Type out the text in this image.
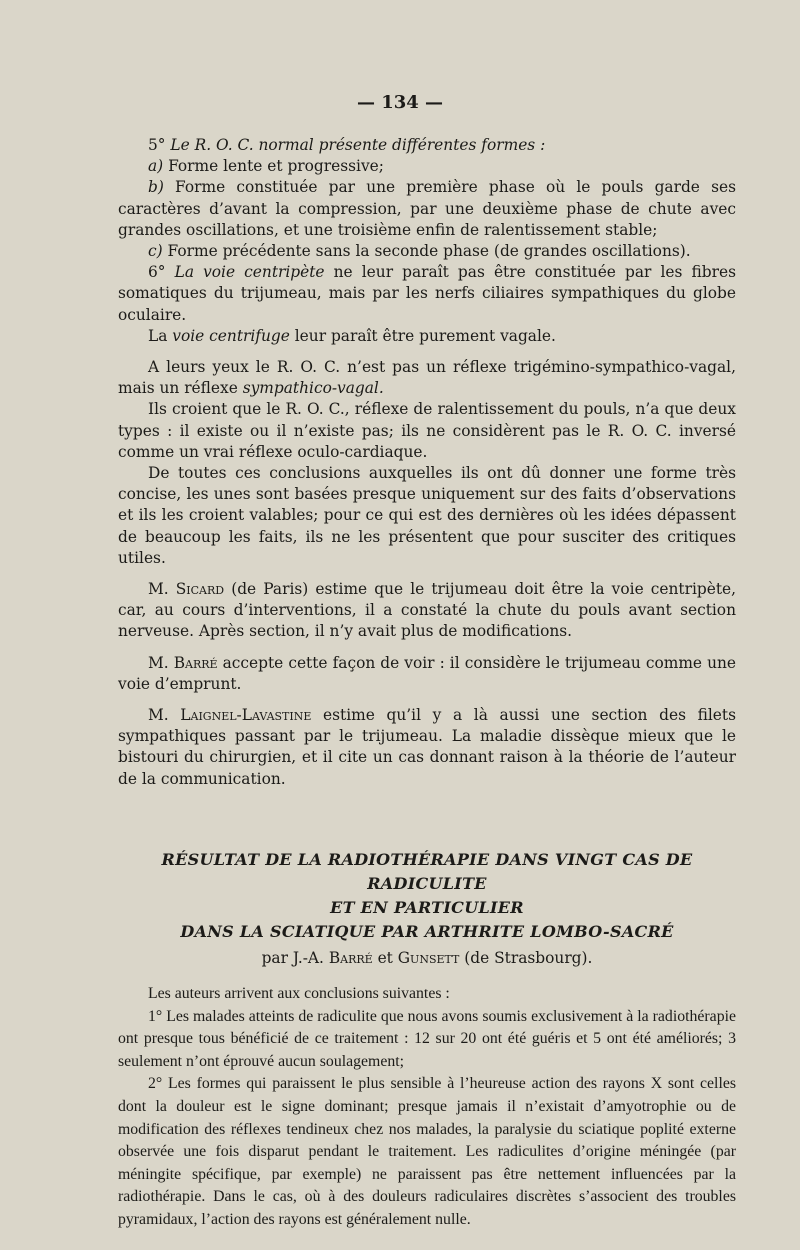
— 134 —

5° Le R. O. C. normal présente différentes formes :

a) Forme lente et progressive;

b) Forme constituée par une première phase où le pouls garde ses caractères d’avant la compression, par une deuxième phase de chute avec grandes oscillations, et une troisième enfin de ralentissement stable;

c) Forme précédente sans la seconde phase (de grandes oscillations).

6° La voie centripète ne leur paraît pas être constituée par les fibres somatiques du trijumeau, mais par les nerfs ciliaires sympathiques du globe oculaire.

La voie centrifuge leur paraît être purement vagale.

A leurs yeux le R. O. C. n’est pas un réflexe trigémino-sympathico-vagal, mais un réflexe sympathico-vagal.

Ils croient que le R. O. C., réflexe de ralentissement du pouls, n’a que deux types : il existe ou il n’existe pas; ils ne considèrent pas le R. O. C. inversé comme un vrai réflexe oculo-cardiaque.

De toutes ces conclusions auxquelles ils ont dû donner une forme très concise, les unes sont basées presque uniquement sur des faits d’observations et ils les croient valables; pour ce qui est des dernières où les idées dépassent de beaucoup les faits, ils ne les présentent que pour susciter des critiques utiles.

M. Sicard (de Paris) estime que le trijumeau doit être la voie centripète, car, au cours d’interventions, il a constaté la chute du pouls avant section nerveuse. Après section, il n’y avait plus de modifications.

M. Barré accepte cette façon de voir : il considère le trijumeau comme une voie d’emprunt.

M. Laignel-Lavastine estime qu’il y a là aussi une section des filets sympathiques passant par le trijumeau. La maladie dissèque mieux que le bistouri du chirurgien, et il cite un cas donnant raison à la théorie de l’auteur de la communication.

RÉSULTAT DE LA RADIOTHÉRAPIE DANS VINGT CAS DE RADICULITE
ET EN PARTICULIER
DANS LA SCIATIQUE PAR ARTHRITE LOMBO-SACRÉ

par J.-A. Barré et Gunsett (de Strasbourg).

Les auteurs arrivent aux conclusions suivantes :

1° Les malades atteints de radiculite que nous avons soumis exclusivement à la radiothérapie ont presque tous bénéficié de ce traitement : 12 sur 20 ont été guéris et 5 ont été améliorés; 3 seulement n’ont éprouvé aucun soulagement;

2° Les formes qui paraissent le plus sensible à l’heureuse action des rayons X sont celles dont la douleur est le signe dominant; presque jamais il n’existait d’amyotrophie ou de modification des réflexes tendineux chez nos malades, la paralysie du sciatique poplité externe observée une fois disparut pendant le traitement. Les radiculites d’origine méningée (par méningite spécifique, par exemple) ne paraissent pas être nettement influencées par la radiothérapie. Dans le cas, où à des douleurs radiculaires discrètes s’associent des troubles pyramidaux, l’action des rayons est généralement nulle.
